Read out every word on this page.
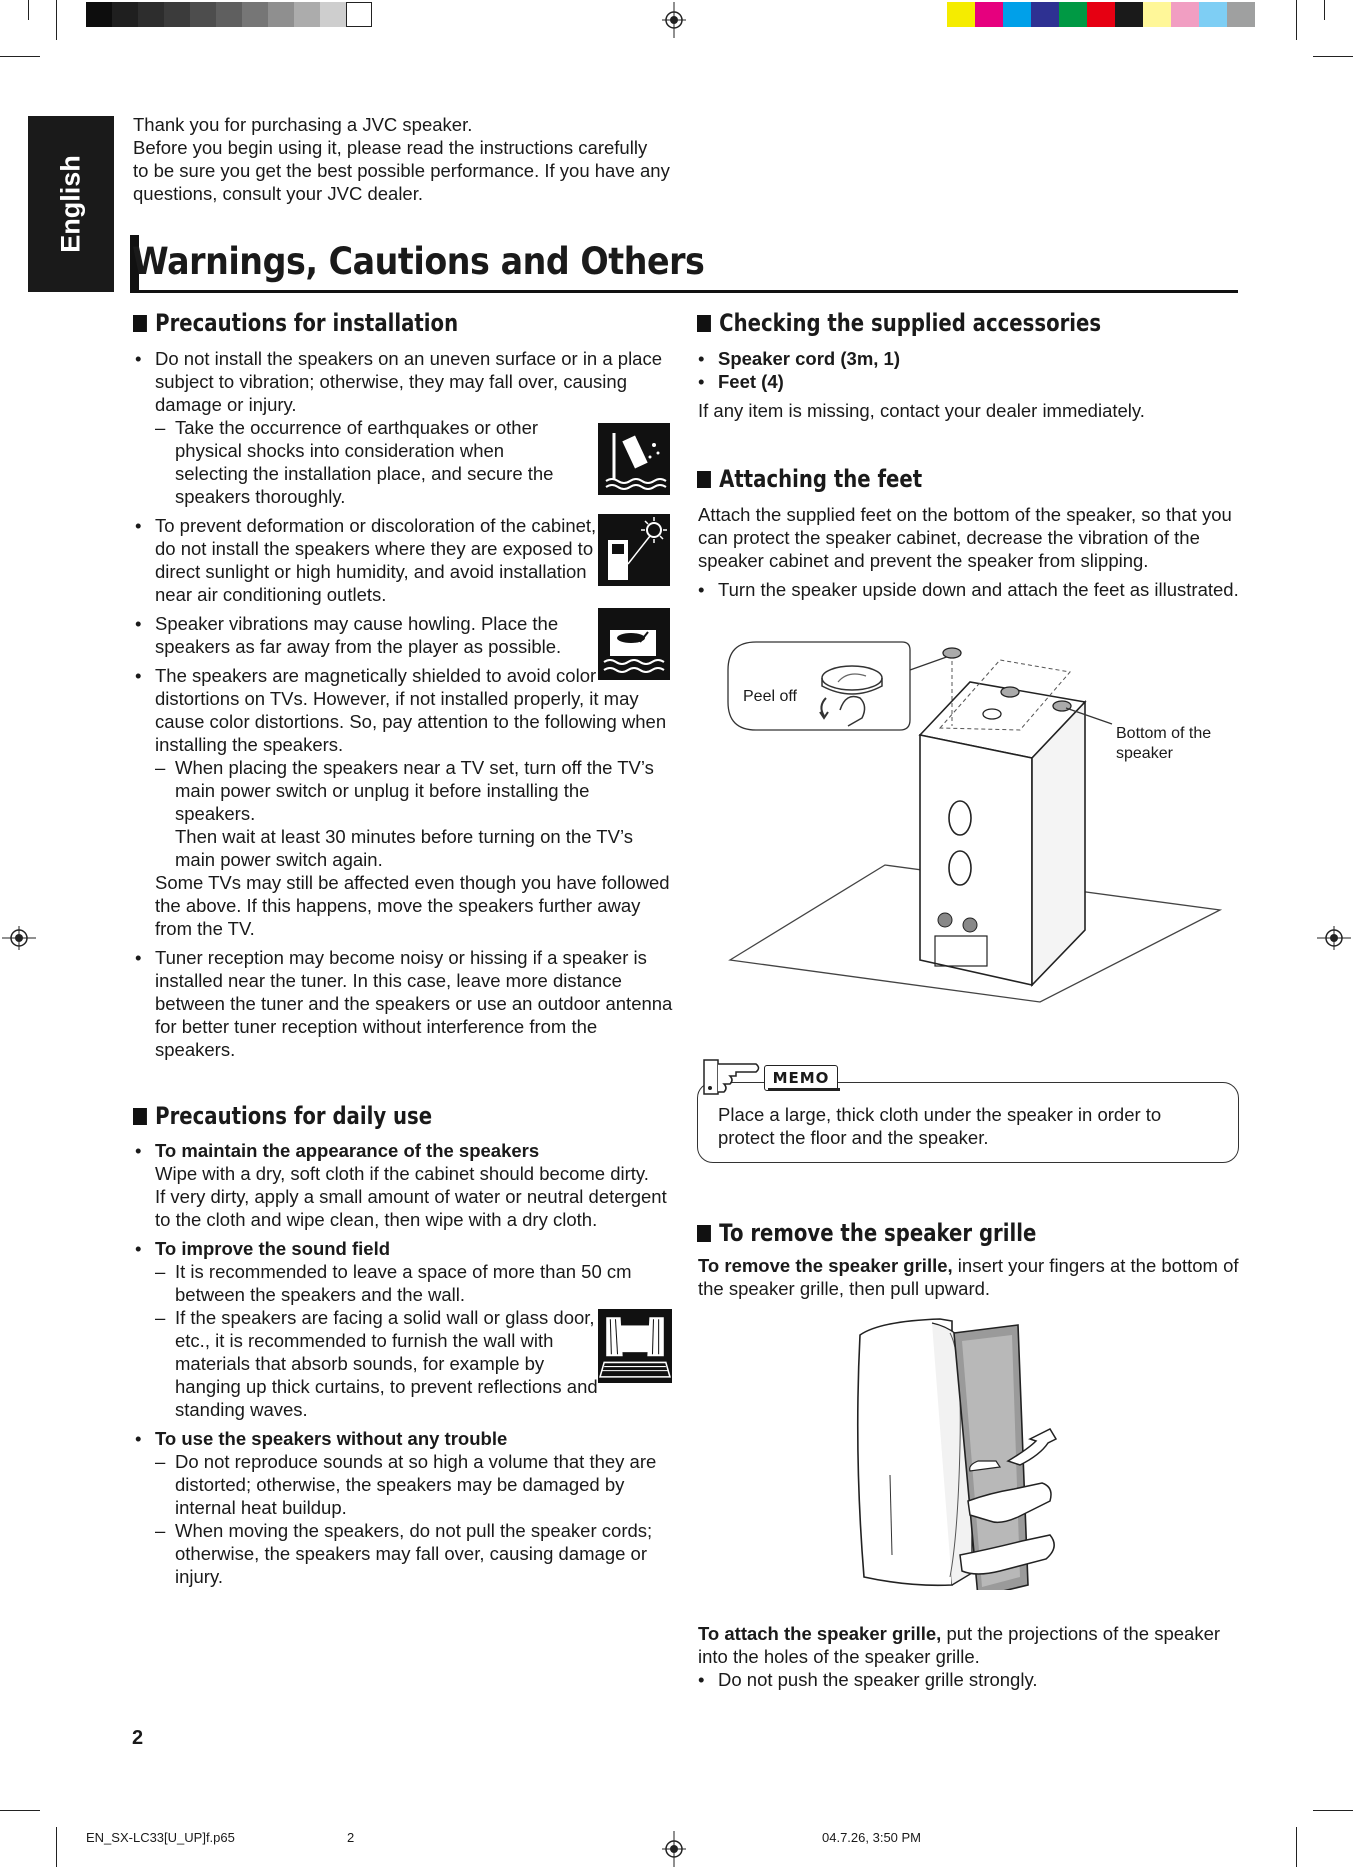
English

Thank you for purchasing a JVC speaker.

Before you begin using it, please read the instructions carefully

to be sure you get the best possible performance. If you have any

questions, consult your JVC dealer.

Warnings, Cautions and Others
Precautions for installation
• Do not install the speakers on an uneven surface or in a place subject to vibration; otherwise, they may fall over, causing damage or injury.

– Take the occurrence of earthquakes or other physical shocks into consideration when selecting the installation place, and secure the speakers thoroughly.

• To prevent deformation or discoloration of the cabinet, do not install the speakers where they are exposed to direct sunlight or high humidity, and avoid installation near air conditioning outlets.

• Speaker vibrations may cause howling. Place the speakers as far away from the player as possible.

• The speakers are magnetically shielded to avoid color distortions on TVs. However, if not installed properly, it may cause color distortions. So, pay attention to the following when installing the speakers.

– When placing the speakers near a TV set, turn off the TV’s main power switch or unplug it before installing the speakers.

Then wait at least 30 minutes before turning on the TV’s main power switch again.

Some TVs may still be affected even though you have followed the above. If this happens, move the speakers further away from the TV.

• Tuner reception may become noisy or hissing if a speaker is installed near the tuner. In this case, leave more distance between the tuner and the speakers or use an outdoor antenna for better tuner reception without interference from the speakers.

Precautions for daily use
• To maintain the appearance of the speakers

Wipe with a dry, soft cloth if the cabinet should become dirty.

If very dirty, apply a small amount of water or neutral detergent to the cloth and wipe clean, then wipe with a dry cloth.

• To improve the sound field

– It is recommended to leave a space of more than 50 cm between the speakers and the wall.

– If the speakers are facing a solid wall or glass door, etc., it is recommended to furnish the wall with materials that absorb sounds, for example by hanging up thick curtains, to prevent reflections and standing waves.

• To use the speakers without any trouble

– Do not reproduce sounds at so high a volume that they are distorted; otherwise, the speakers may be damaged by internal heat buildup.

– When moving the speakers, do not pull the speaker cords; otherwise, the speakers may fall over, causing damage or injury.

Checking the supplied accessories
• Speaker cord (3m, 1)

• Feet (4)

If any item is missing, contact your dealer immediately.

Attaching the feet

Attach the supplied feet on the bottom of the speaker, so that you can protect the speaker cabinet, decrease the vibration of the speaker cabinet and prevent the speaker from slipping.

• Turn the speaker upside down and attach the feet as illustrated.

Peel off
Bottom of the
speaker
MEMO
Place a large, thick cloth under the speaker in order to protect the floor and the speaker.
To remove the speaker grille

To remove the speaker grille, insert your fingers at the bottom of the speaker grille, then pull upward.

To attach the speaker grille, put the projections of the speaker into the holes of the speaker grille.

• Do not push the speaker grille strongly.

2
EN_SX-LC33[U_UP]f.p65	2	04.7.26, 3:50 PM
